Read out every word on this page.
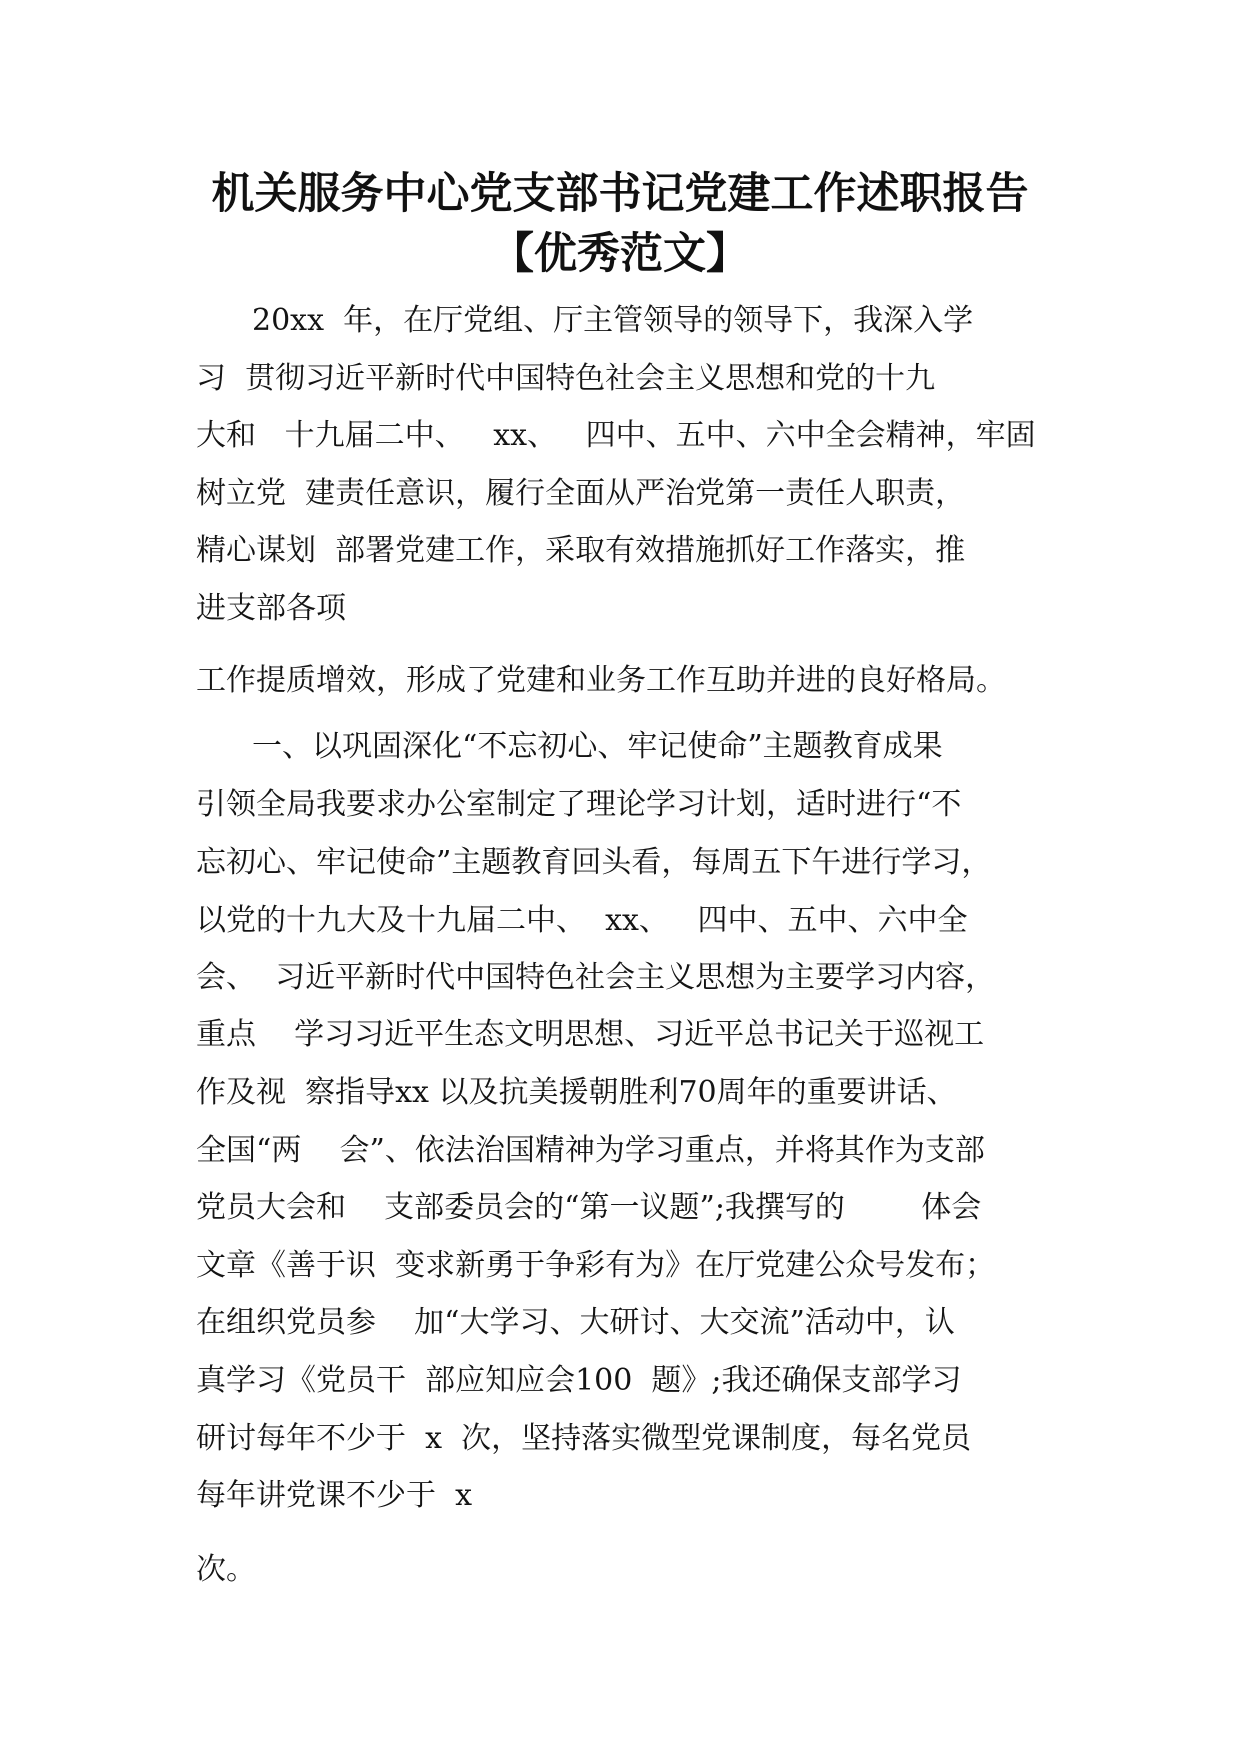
机关服务中心党支部书记党建工作述职报告
【优秀范文】

20xx  年，在厅党组、厅主管领导的领导下，我深入学

习  贯彻习近平新时代中国特色社会主义思想和党的十九

大和   十九届二中、   xx、   四中、五中、六中全会精神，牢固

树立党  建责任意识，履行全面从严治党第一责任人职责，

精心谋划  部署党建工作，采取有效措施抓好工作落实，推

进支部各项

工作提质增效，形成了党建和业务工作互助并进的良好格局。

一、以巩固深化“不忘初心、牢记使命”主题教育成果

引领全局我要求办公室制定了理论学习计划，适时进行“不

忘初心、牢记使命”主题教育回头看，每周五下午进行学习，

以党的十九大及十九届二中、  xx、   四中、五中、六中全

会、  习近平新时代中国特色社会主义思想为主要学习内容，

重点    学习习近平生态文明思想、习近平总书记关于巡视工

作及视  察指导xx 以及抗美援朝胜利70周年的重要讲话、

全国“两    会”、依法治国精神为学习重点，并将其作为支部

党员大会和    支部委员会的“第一议题”;我撰写的        体会

文章《善于识  变求新勇于争彩有为》在厅党建公众号发布；

在组织党员参    加“大学习、大研讨、大交流”活动中，认

真学习《党员干  部应知应会100  题》;我还确保支部学习

研讨每年不少于  x  次，坚持落实微型党课制度，每名党员

每年讲党课不少于  x

次。
